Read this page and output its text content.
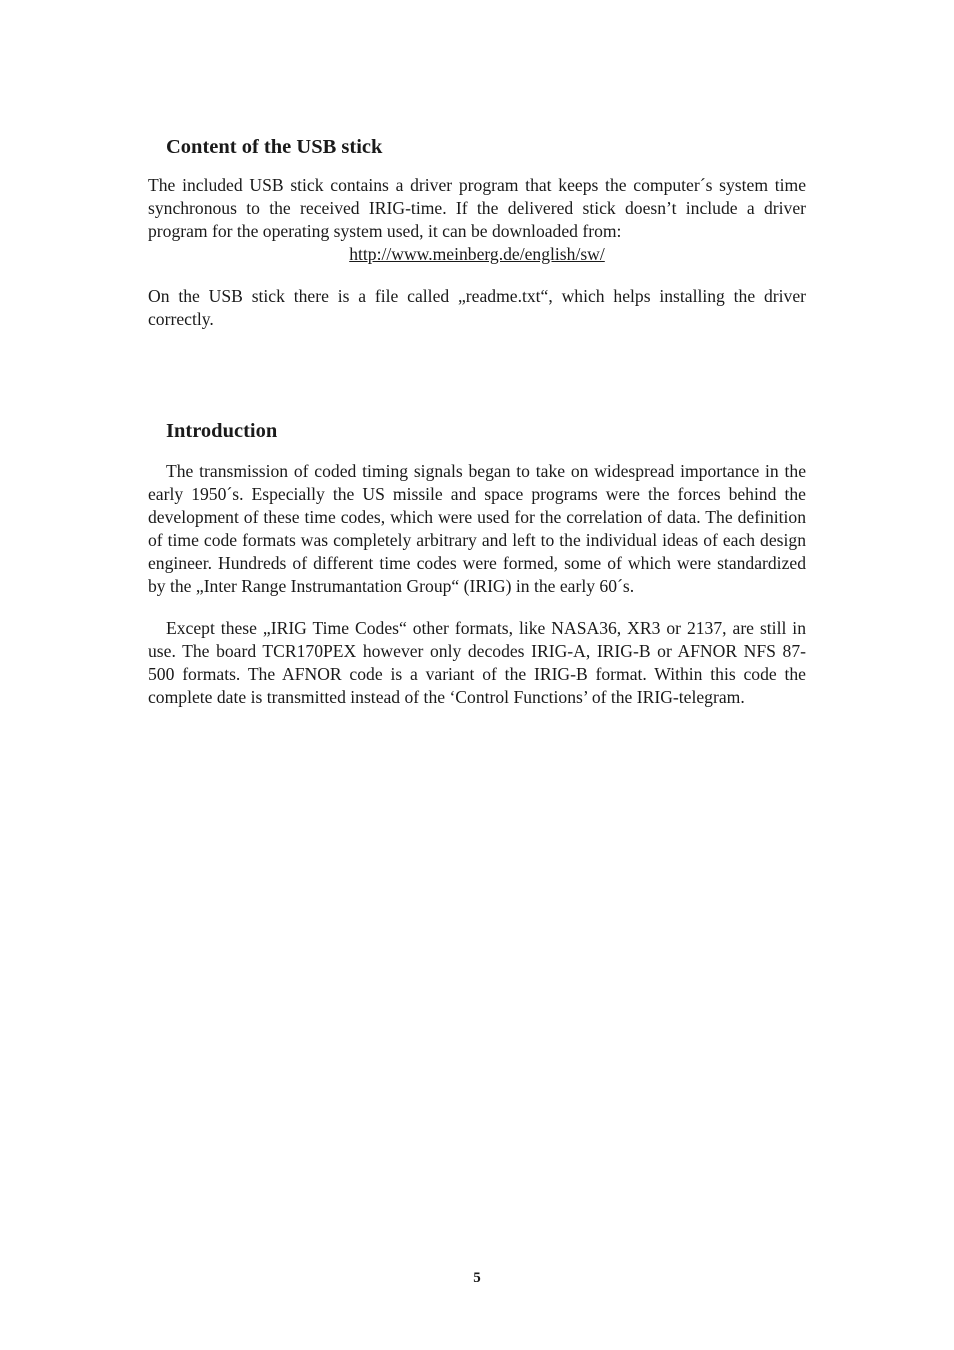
Content of the USB stick

The included USB stick contains a driver program that keeps the computer´s system time synchronous to the received IRIG-time. If the delivered stick doesn’t include a driver program for the operating system used, it can be downloaded from:

http://www.meinberg.de/english/sw/

On the USB stick there is a file called „readme.txt“, which helps installing the driver correctly.

Introduction

The transmission of coded timing signals began to take on widespread importance in the early 1950´s. Especially the US missile and space programs were the forces behind the development of these time codes, which were used for the correlation of data. The definition of time code formats was completely arbitrary and left to the individual ideas of each design engineer. Hundreds of different time codes were formed, some of which were standardized by the „Inter Range Instrumantation Group“ (IRIG) in the early 60´s.

Except these „IRIG Time Codes“ other formats, like NASA36, XR3 or 2137, are still in use. The board TCR170PEX however only decodes IRIG-A, IRIG-B or AFNOR NFS 87-500 formats. The AFNOR code is a variant of the IRIG-B format. Within this code the complete date is transmitted instead of the ‘Control Functions’ of the IRIG-telegram.

5
